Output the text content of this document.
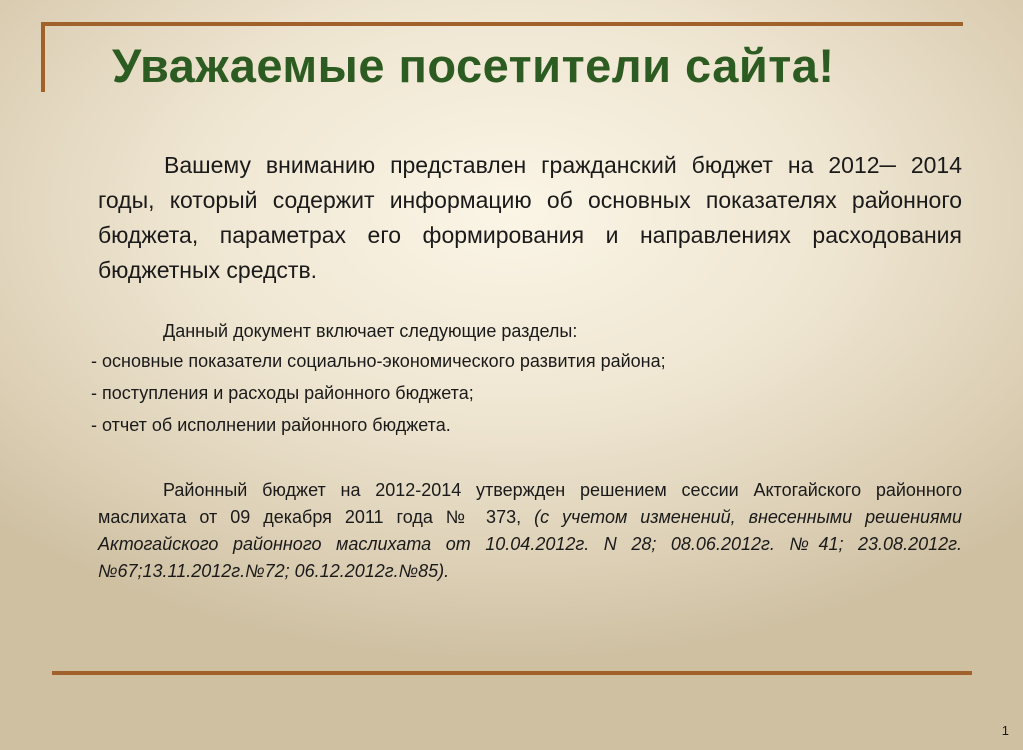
Уважаемые посетители сайта!

Вашему вниманию представлен гражданский бюджет на 2012─ 2014 годы, который содержит информацию об основных показателях районного бюджета, параметрах его формирования и направлениях расходования бюджетных средств.

Данный документ включает следующие разделы:

- основные показатели социально-экономического развития района;
- поступления и расходы районного бюджета;
- отчет об исполнении районного бюджета.

Районный бюджет на 2012-2014 утвержден решением сессии Актогайского районного маслихата от 09 декабря 2011 года № 373, (с учетом изменений, внесенными решениями Актогайского районного маслихата от 10.04.2012г. N 28; 08.06.2012г. №41; 23.08.2012г. №67;13.11.2012г.№72; 06.12.2012г.№85).

1
